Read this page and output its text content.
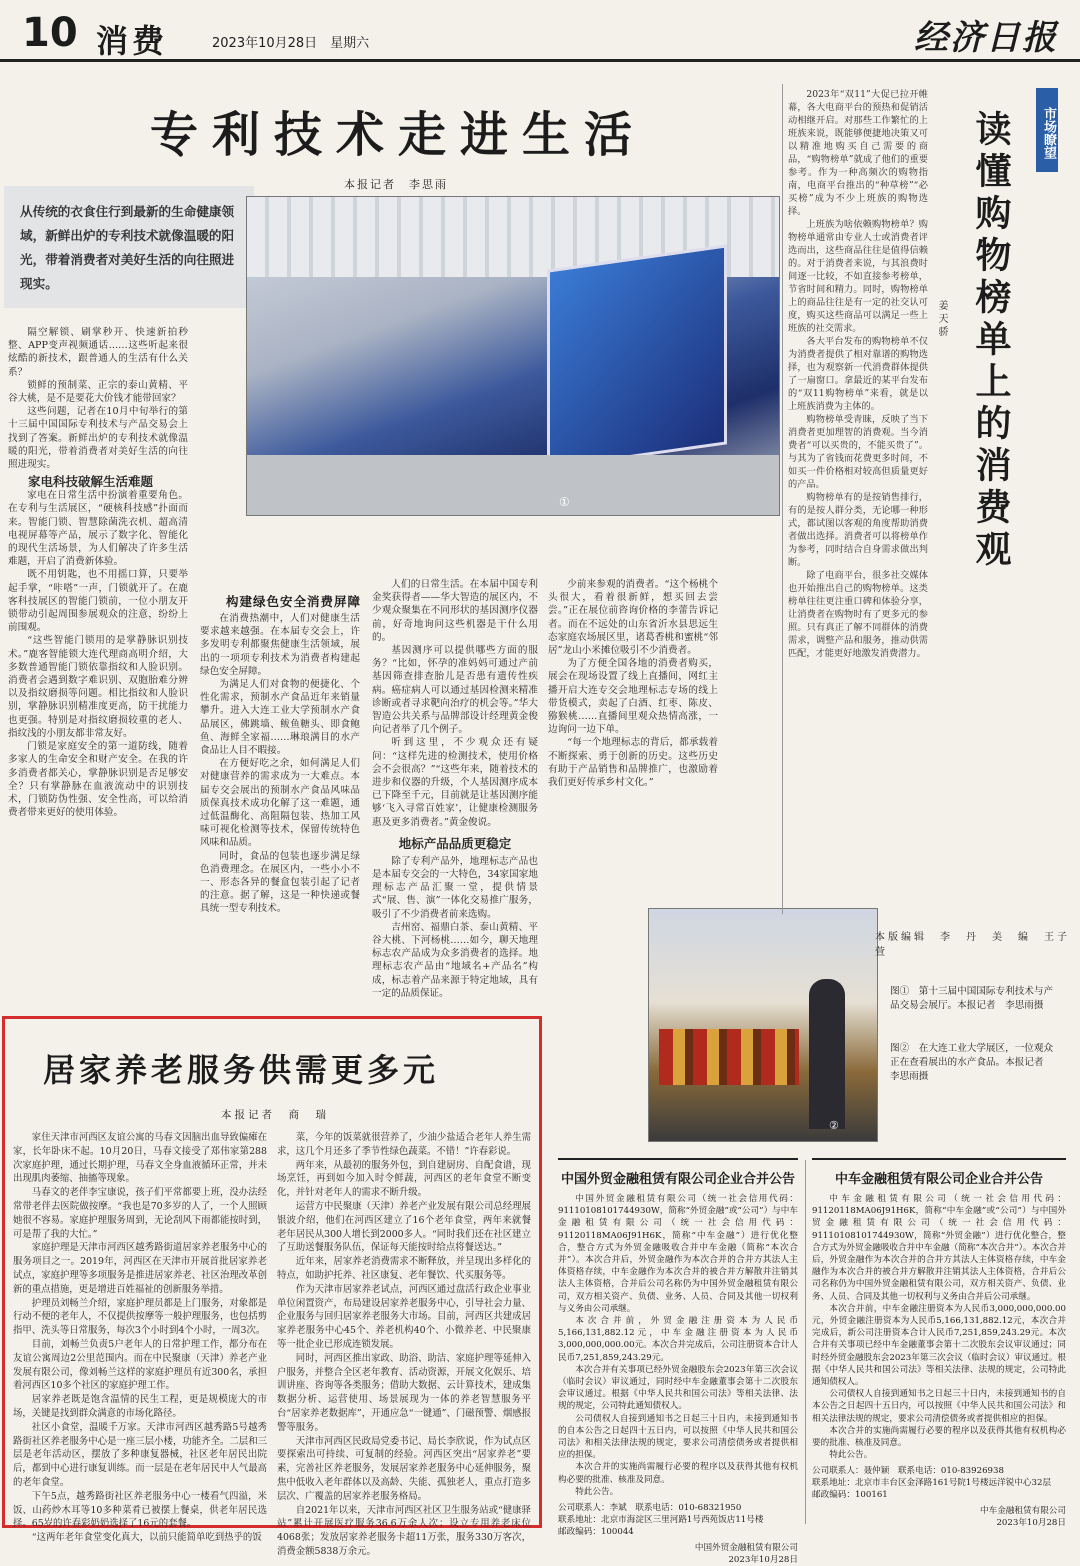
10 消费	2023年10月28日　星期六	经济日报
专利技术走进生活
本报记者　李思雨

从传统的衣食住行到最新的生命健康领域，新鲜出炉的专利技术就像温暖的阳光，带着消费者对美好生活的向往照进现实。

①

隔空解锁、刷掌秒开、快速新拍秒整、APP变声视频通话……这些听起来很炫酷的新技术，跟普通人的生活有什么关系？

锁鲜的预制菜、正宗的泰山黄精、平谷大桃，是不是要花大价钱才能带回家？

这些问题，记者在10月中旬举行的第十三届中国国际专利技术与产品交易会上找到了答案。新鲜出炉的专利技术就像温暖的阳光，带着消费者对美好生活的向往照进现实。

家电科技破解生活难题

家电在日常生活中扮演着重要角色。在专利与生活展区，“硬核科技感”扑面而来。智能门锁、智慧除菌洗衣机、超高清电视屏幕等产品，展示了数字化、智能化的现代生活场景，为人们解决了许多生活难题，开启了消费新体验。

既不用钥匙，也不用摇口算，只要举起手掌，“咔嗒”一声，门锁就开了。在鹿客科技展区的智能门锁前，一位小朋友开锁带动引起周围参展观众的注意，纷纷上前围观。

“这些智能门锁用的是掌静脉识别技术。”鹿客智能锁大连代理商高明介绍，大多数普通智能门锁依靠指纹和人脸识别。消费者会遇到数字难识别、双胞胎难分辨以及指纹磨损等问题。相比指纹和人脸识别，掌静脉识别精准度更高，防干扰能力也更强。特别是对指纹磨损较重的老人、指纹浅的小朋友都非常友好。

门锁是家庭安全的第一道防线，随着多家人的生命安全和财产安全。在我的许多消费者都关心，掌静脉识别是否足够安全？只有掌静脉在血液流动中的识别技术，门锁防伪性强、安全性高，可以给消费者带来更好的使用体验。

构建绿色安全消费屏障

在消费热潮中，人们对健康生活要求越来越强。在本届专交会上，许多发明专利都聚焦健康生活领域，展出的一项项专利技术为消费者构建起绿色安全屏障。

为满足人们对食物的便捷化、个性化需求，预制水产食品近年来销量攀升。进入大连工业大学预制水产食品展区，佛跳墙、鲅鱼糖头、即食鲍鱼、海鲜全家福……琳琅满目的水产食品让人目不暇接。

在方便好吃之余，如何满足人们对健康营养的需求成为一大难点。本届专交会展出的预制水产食品风味品质保真技术成功化解了这一难题，通过低温酶化、高阻隔包装、热加工风味可视化检测等技术，保留传统特色风味和品质。

同时，食品的包装也逐步满足绿色消费理念。在展区内，一些小小不一、形态各异的餐盒包装引起了记者的注意。据了解，这是一种快递或餐具统一型专利技术。

人们的日常生活。在本届中国专利金奖获得者——华大智造的展区内，不少观众聚集在不同形状的基因测序仪器前，好奇地询问这些机器是干什么用的。

基因测序可以提供哪些方面的服务？“比如，怀孕的准妈妈可通过产前基因筛查排查胎儿是否患有遗传性疾病。癌症病人可以通过基因检测来精准诊断或者寻求靶向治疗的机会等。”华大智造公共关系与品牌部设计经理黄金俊向记者举了几个例子。

听到这里，不少观众还有疑问：“这样先进的检测技术，使用价格会不会很高？”“这些年来，随着技术的进步和仪器的升级，个人基因测序成本已下降至千元，目前就是让基因测序能够‘飞入寻常百姓家’，让健康检测服务惠及更多消费者。”黄金俊说。

地标产品品质更稳定

除了专利产品外，地理标志产品也是本届专交会的一大特色，34家国家地理标志产品汇聚一堂，提供情景式“展、售、演”一体化交易推广服务，吸引了不少消费者前来选购。

吉州窑、福鼎白茶、泰山黄精、平谷大桃、下河杨桃……如今，聊天地理标志农产品成为众多消费者的选择。地理标志农产品由“地域名+产品名”构成，标志着产品来源于特定地域，具有一定的品质保证。

少前来参观的消费者。“这个杨桃个头很大，看着很新鲜，想买回去尝尝。”正在展位前咨询价格的李蕾告诉记者。而在不远处的山东省沂水县思远生态家庭农场展区里，诸葛香桃和蜜桃“邻居”龙山小米摊位吸引不少消费者。

为了方便全国各地的消费者购买，展会在现场设置了线上直播间，网红主播开启大连专交会地理标志专场的线上带货模式，卖起了白酒、红枣、陈皮、猕猴桃……直播间里观众热情高涨，一边询问一边下单。

“每一个地理标志的背后，都承载着不断探索、勇于创新的历史。这些历史有助于产品销售和品牌推广，也激励着我们更好传承乡村文化。”

②

2023年“双11”大促已拉开帷幕，各大电商平台的预热和促销活动相继开启。对那些工作繁忙的上班族来说，既能够便捷地决策又可以精准地购买自己需要的商品，“购物榜单”就成了他们的重要参考。作为一种高频次的购物指南，电商平台推出的“种草榜”“必买榜”成为不少上班族的购物选择。

上班族为啥依赖购物榜单？购物榜单通常由专业人士或消费者评选而出，这些商品往往是值得信赖的。对于消费者来说，与其浪费时间逐一比较，不如直接参考榜单，节省时间和精力。同时，购物榜单上的商品往往是有一定的社交认可度，购买这些商品可以满足一些上班族的社交需求。

各大平台发布的购物榜单不仅为消费者提供了相对靠谱的购物选择，也为观察新一代消费群体提供了一扇窗口。拿最近的某平台发布的“双11购物榜单”来看，就是以上班族消费为主体的。

购物榜单受青睐，反映了当下消费者更加理智的消费观。当今消费者“可以买贵的，不能买贵了”。与其为了省钱而花费更多时间，不如买一件价格相对较高但质量更好的产品。

购物榜单有的是按销售排行，有的是按人群分类，无论哪一种形式，都试图以客观的角度帮助消费者做出选择。消费者可以将榜单作为参考，同时结合自身需求做出判断。

除了电商平台，很多社交媒体也开始推出自己的购物榜单。这类榜单往往更注重口碑和体验分享，让消费者在购物时有了更多元的参照。只有真正了解不同群体的消费需求，调整产品和服务，推动供需匹配，才能更好地激发消费潜力。

市场瞭望
读懂购物榜单上的消费观
姜天骄
本版编辑　李　丹　美　编　王子萱
图①　第十三届中国国际专利技术与产品交易会展厅。本报记者　李思雨摄
图②　在大连工业大学展区，一位观众正在查看展出的水产食品。本报记者　李思雨摄
居家养老服务供需更多元
本报记者　商　瑞

家住天津市河西区友谊公寓的马春文因脑出血导致偏瘫在家，长年卧床不起。10月20日，马春文接受了郑伟家第288次家庭护理，通过长期护理，马春文全身血液循环正常，并未出现肌肉萎缩、抽搐等现象。

马春文的老伴李宝康说，孩子们平常都要上班，没办法经常带老伴去医院做按摩。“我也是70多岁的人了，一个人照顾她很不容易。家庭护理服务周到，无论刮风下雨都能按时到，可是帮了我的大忙。”

家庭护理是天津市河西区越秀路街道居家养老服务中心的服务项目之一。2019年，河西区在天津市开展首批居家养老试点，家庭护理等多项服务是推进居家养老、社区治理改革创新的重点措施，更是增进百姓福祉的创新服务举措。

护理员刘畅兰介绍，家庭护理员都是上门服务，对象都是行动不便的老年人，不仅提供按摩等一般护理服务，也包括剪指甲、洗头等日常服务，每次3个小时到4个小时，一周3次。

目前，刘畅兰负责5户老年人的日常护理工作，都分布在友谊公寓周边2公里范围内。而在中民聚康（天津）养老产业发展有限公司，像刘畅兰这样的家庭护理员有近300名，承担着河西区10多个社区的家庭护理工作。

居家养老既是饱含温情的民生工程，更是规模庞大的市场，关键是找到群众满意的市场化路径。

社区小食堂，温暖千万家。天津市河西区越秀路5号越秀路街社区养老服务中心是一座三层小楼，功能齐全。二层和三层是老年活动区，摆放了多种康复器械，社区老年居民出院后，都到中心进行康复训练。而一层是在老年居民中人气最高的老年食堂。

下午5点，越秀路街社区养老服务中心一楼看气四溢，米饭、山药炒木耳等10多种菜肴已被摆上餐桌，供老年居民选择。65岁的许春彩奶奶选择了16元的套餐。

“这两年老年食堂变化真大，以前只能简单吃到热乎的饭

菜，今年的饭菜就很营养了，少油少盐适合老年人养生需求，这几个月还多了季节性绿色蔬菜。不错！”许春彩说。

两年来，从最初的服务外包，到自建厨房、自配食谱，现场烹饪，再到如今加入时令鲜蔬，河西区的老年食堂不断变化，并针对老年人的需求不断升级。

运营方中民聚康（天津）养老产业发展有限公司总经理展银波介绍，他们在河西区建立了16个老年食堂，两年来就餐老年居民从300人增长到2000多人。“同时我们还在社区建立了互助送餐服务队伍，保证每天能按时给点将餐送达。”

近年来，居家养老消费需求不断释放，并呈现出多样化的特点，如助护托养、社区康复、老年餐饮、代买服务等。

作为天津市居家养老试点，河西区通过盘活行政企业事业单位闲置资产，布局建设居家养老服务中心，引导社会力量、企业服务与回归居家养老服务大市场。目前，河西区共建成居家养老服务中心45个、养老机构40个、小微养老、中民聚康等一批企业已形成连锁发展。

同时，河西区推出家政、助浴、助洁、家庭护理等延伸入户服务，并整合全区老年教育、活动资源，开展文化娱乐、培训讲座、咨询等各类服务；借助大数据、云计算技术，建成集数据分析、运营使用、场景展现为一体的养老智慧服务平台“居家养老数据库”，开通应急“一键通”、门磁预警、烟感报警等服务。

天津市河西区民政局党委书记、局长李欣说，作为试点区要探索出可持续、可复制的经验。河西区突出“居家养老”要素，完善社区养老服务，发展居家养老服务中心延伸服务，聚焦中低收入老年群体以及高龄、失能、孤独老人，重点打造多层次、广覆盖的居家养老服务格局。

自2021年以来，天津市河西区社区卫生服务站或“健康驿站”累计开展医疗服务36.6万余人次；设立专用养老床位4068张；发放居家养老服务卡超11万张，服务330万客次，消费金额5838万余元。

中国外贸金融租赁有限公司企业合并公告

中国外贸金融租赁有限公司（统一社会信用代码：91110108101744930W，简称“外贸金融”或“公司”）与中车金融租赁有限公司（统一社会信用代码：91120118MA06J91H6K，简称“中车金融”）进行优化整合，整合方式为外贸金融吸收合并中车金融（简称“本次合并”）。本次合并后，外贸金融作为本次合并的合并方其法人主体资格存续，中车金融作为本次合并的被合并方解散并注销其法人主体资格，合并后公司名称仍为中国外贸金融租赁有限公司，双方相关资产、负债、业务、人员、合同及其他一切权利与义务由公司承继。

本次合并前，外贸金融注册资本为人民币5,166,131,882.12元，中车金融注册资本为人民币3,000,000,000.00元。本次合并完成后，公司注册资本合计人民币7,251,859,243.29元。

本次合并有关事项已经外贸金融股东会2023年第三次会议（临时会议）审议通过，同时经中车金融董事会第十二次股东会审议通过。根据《中华人民共和国公司法》等相关法律、法规的规定，公司特此通知债权人。

公司债权人自接到通知书之日起三十日内，未接到通知书的自本公告之日起四十五日内，可以按照《中华人民共和国公司法》和相关法律法规的规定，要求公司清偿债务或者提供相应的担保。

本次合并的实施尚需履行必要的程序以及获得其他有权机构必要的批准、核准及同意。

特此公告。

公司联系人：李斌　联系电话：010-68321950
联系地址：北京市海淀区三里河路1号西苑饭店11号楼
邮政编码：100044
中国外贸金融租赁有限公司
2023年10月28日
中车金融租赁有限公司企业合并公告

中车金融租赁有限公司（统一社会信用代码：91120118MA06J91H6K，简称“中车金融”或“公司”）与中国外贸金融租赁有限公司（统一社会信用代码：91110108101744930W，简称“外贸金融”）进行优化整合，整合方式为外贸金融吸收合并中车金融（简称“本次合并”）。本次合并后，外贸金融作为本次合并的合并方其法人主体资格存续，中车金融作为本次合并的被合并方解散并注销其法人主体资格，合并后公司名称仍为中国外贸金融租赁有限公司，双方相关资产、负债、业务、人员、合同及其他一切权利与义务由合并后公司承继。

本次合并前，中车金融注册资本为人民币3,000,000,000.00元，外贸金融注册资本为人民币5,166,131,882.12元，本次合并完成后，新公司注册资本合计人民币7,251,859,243.29元。本次合并有关事项已经中车金融董事会第十二次股东会议审议通过；同时经外贸金融股东会2023年第三次会议（临时会议）审议通过。根据《中华人民共和国公司法》等相关法律、法规的规定，公司特此通知债权人。

公司债权人自接到通知书之日起三十日内，未接到通知书的自本公告之日起四十五日内，可以按照《中华人民共和国公司法》和相关法律法规的规定，要求公司清偿债务或者提供相应的担保。

本次合并的实施尚需履行必要的程序以及获得其他有权机构必要的批准、核准及同意。

特此公告。

公司联系人：聂仲颖　联系电话：010-83926938
联系地址：北京市丰台区金泽路161号院1号楼远洋锐中心32层
邮政编码：100161
中车金融租赁有限公司
2023年10月28日
